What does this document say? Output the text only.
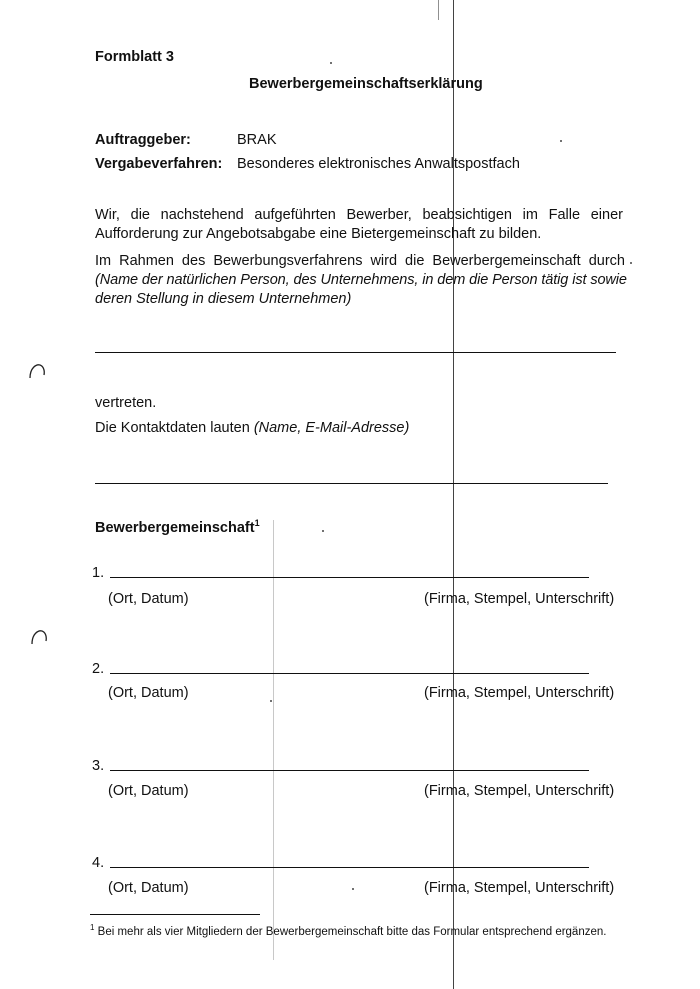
Formblatt 3
Bewerbergemeinschaftserklärung
Auftraggeber:	BRAK
Vergabeverfahren: Besonderes elektronisches Anwaltspostfach
Wir, die nachstehend aufgeführten Bewerber, beabsichtigen im Falle einer
Aufforderung zur Angebotsabgabe eine Bietergemeinschaft zu bilden.
Im Rahmen des Bewerbungsverfahrens wird die Bewerbergemeinschaft durch
(Name der natürlichen Person, des Unternehmens, in dem die Person tätig ist sowie
deren Stellung in diesem Unternehmen)
vertreten.
Die Kontaktdaten lauten (Name, E-Mail-Adresse)
Bewerbergemeinschaft$^1$
1.
(Ort, Datum)	(Firma, Stempel, Unterschrift)
2.
(Ort, Datum)	(Firma, Stempel, Unterschrift)
3.
(Ort, Datum)	(Firma, Stempel, Unterschrift)
4.
(Ort, Datum)	(Firma, Stempel, Unterschrift)
$^1$ Bei mehr als vier Mitgliedern der Bewerbergemeinschaft bitte das Formular entsprechend ergänzen.
